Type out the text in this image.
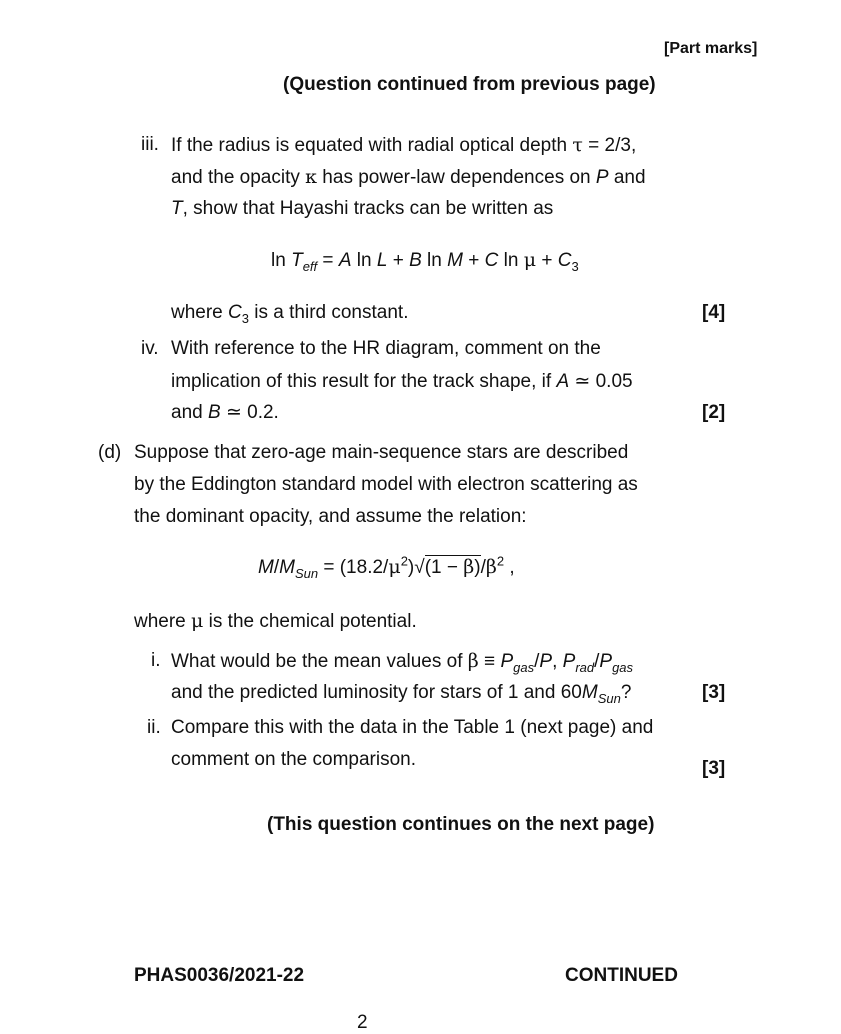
[Part marks]
(Question continued from previous page)
iii. If the radius is equated with radial optical depth τ = 2/3,
and the opacity κ has power-law dependences on P and
T, show that Hayashi tracks can be written as
$\ln T_{eff} = A$ ln L + B ln M + C $\ln \mu + C_3$
where $C_3$ is a third constant.	[4]
iv. With reference to the HR diagram, comment on the
implication of this result for the track shape, if A ≃ 0.05
and B ≃ 0.2.	[2]
(d) Suppose that zero-age main-sequence stars are described
by the Eddington standard model with electron scattering as
the dominant opacity, and assume the relation:
$M/M_{Sun} = (18.2/\mu^2)√(1 - \beta)/\beta^2$ ,
where μ is the chemical potential.
i. What would be the mean values of $\beta \equiv P_{gas}/P$, $P_{rad}/P_{gas}$
and the predicted luminosity for stars of 1 and $60M_{Sun}$?	[3]
ii. Compare this with the data in the Table 1 (next page) and
comment on the comparison.	[3]
(This question continues on the next page)
PHAS0036/2021-22	CONTINUED
2
